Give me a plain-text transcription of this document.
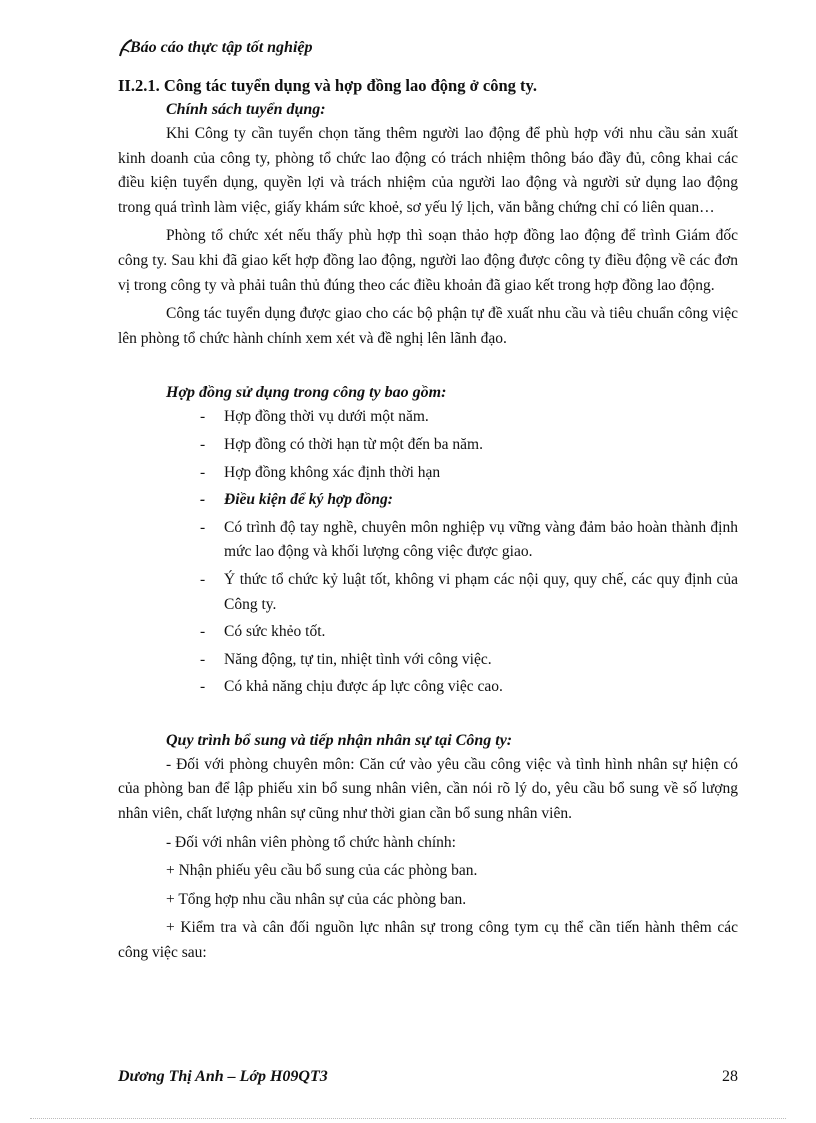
Báo cáo thực tập tốt nghiệp
II.2.1. Công tác tuyển dụng và hợp đồng lao động ở công ty.
Chính sách tuyển dụng:

Khi Công ty cần tuyển chọn tăng thêm người lao động để phù hợp với nhu cầu sản xuất kinh doanh của công ty, phòng tổ chức lao động có trách nhiệm thông báo đầy đủ, công khai các điều kiện tuyển dụng, quyền lợi và trách nhiệm của người lao động và người sử dụng lao động trong quá trình làm việc, giấy khám sức khoẻ, sơ yếu lý lịch, văn bằng chứng chỉ có liên quan…

Phòng tổ chức xét nếu thấy phù hợp thì soạn thảo hợp đồng lao động để trình Giám đốc công ty. Sau khi đã giao kết hợp đồng lao động, người lao động được công ty điều động về các đơn vị trong công ty và phải tuân thủ đúng theo các điều khoản đã giao kết trong hợp đồng lao động.

Công tác tuyển dụng được giao cho các bộ phận tự đề xuất nhu cầu và tiêu chuẩn công việc lên phòng tổ chức hành chính xem xét và đề nghị lên lãnh đạo.

Hợp đồng sử dụng trong công ty bao gồm:
- Hợp đồng thời vụ dưới một năm.
- Hợp đồng có thời hạn từ một đến ba năm.
- Hợp đồng không xác định thời hạn
- Điều kiện để ký hợp đồng:
- Có trình độ tay nghề, chuyên môn nghiệp vụ vững vàng đảm bảo hoàn thành định mức lao động và khối lượng công việc được giao.
- Ý thức tổ chức kỷ luật tốt, không vi phạm các nội quy, quy chế, các quy định của Công ty.
- Có sức khẻo tốt.
- Năng động, tự tin, nhiệt tình với công việc.
- Có khả năng chịu được áp lực công việc cao.
Quy trình bổ sung và tiếp nhận nhân sự tại Công ty:

- Đối với phòng chuyên môn: Căn cứ vào yêu cầu công việc và tình hình nhân sự hiện có của phòng ban để lập phiếu xin bổ sung nhân viên, cần nói rõ lý do, yêu cầu bổ sung về số lượng nhân viên, chất lượng nhân sự cũng như thời gian cần bổ sung nhân viên.

- Đối với nhân viên phòng tổ chức hành chính:

+ Nhận phiếu yêu cầu bổ sung của các phòng ban.

+ Tổng hợp nhu cầu nhân sự của các phòng ban.

+ Kiểm tra và cân đối nguồn lực nhân sự trong công tym cụ thể cần tiến hành thêm các công việc sau:

Dương Thị Anh – Lớp H09QT3	28
